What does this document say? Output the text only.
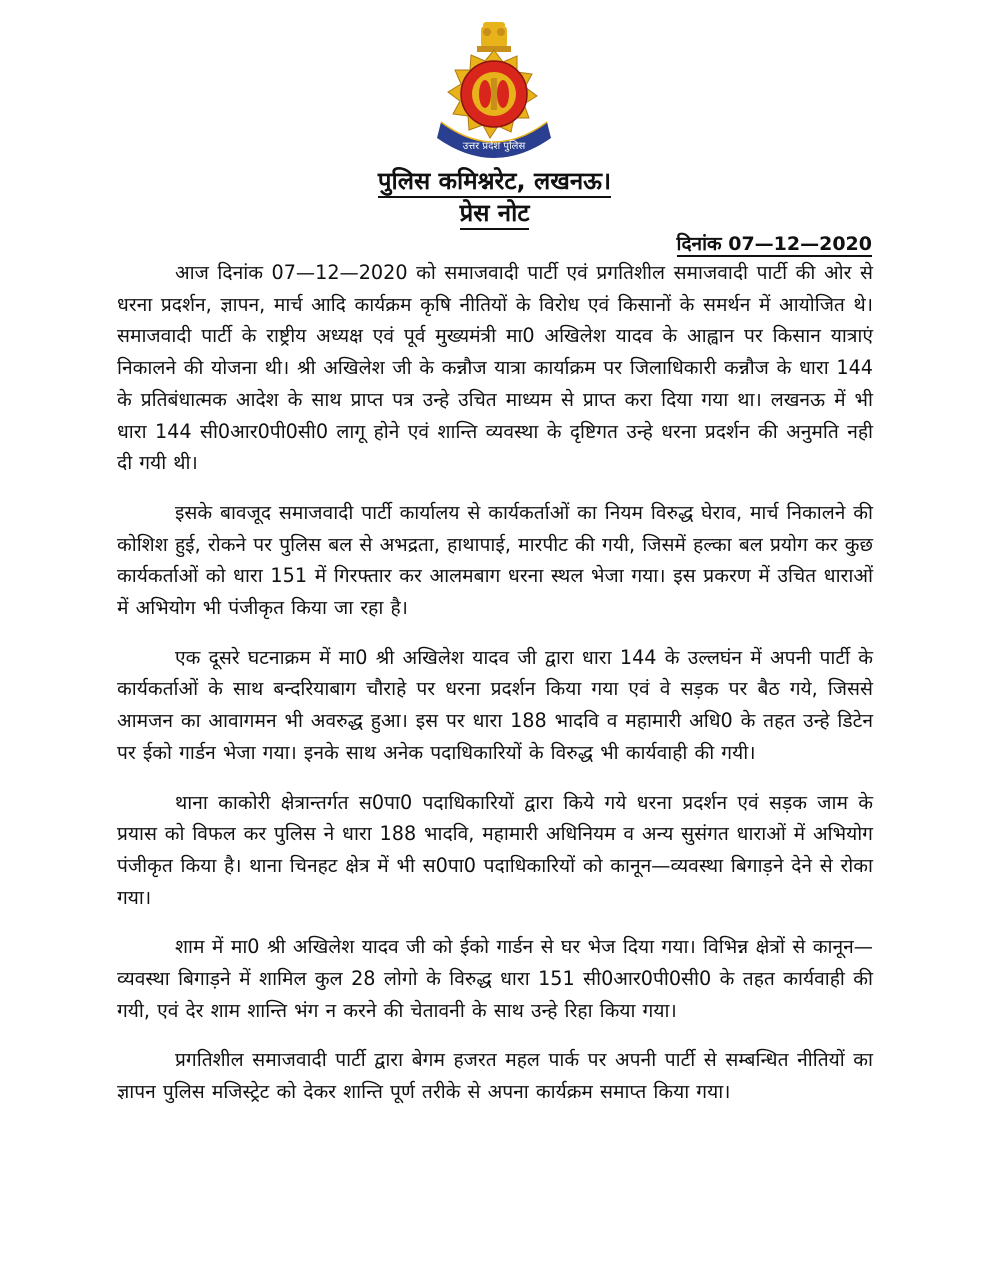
उत्तर प्रदेश पुलिस
पुलिस कमिश्नरेट, लखनऊ।
प्रेस नोट
दिनांक 07—12—2020

आज दिनांक 07—12—2020 को समाजवादी पार्टी एवं प्रगतिशील समाजवादी पार्टी की ओर से धरना प्रदर्शन, ज्ञापन, मार्च आदि कार्यक्रम कृषि नीतियों के विरोध एवं किसानों के समर्थन में आयोजित थे। समाजवादी पार्टी के राष्ट्रीय अध्यक्ष एवं पूर्व मुख्यमंत्री मा0 अखिलेश यादव के आह्वान पर किसान यात्राएं निकालने की योजना थी। श्री अखिलेश जी के कन्नौज यात्रा कार्याक्रम पर जिलाधिकारी कन्नौज के धारा 144 के प्रतिबंधात्मक आदेश के साथ प्राप्त पत्र उन्हे उचित माध्यम से प्राप्त करा दिया गया था। लखनऊ में भी धारा 144 सी0आर0पी0सी0 लागू होने एवं शान्ति व्यवस्था के दृष्टिगत उन्हे धरना प्रदर्शन की अनुमति नही दी गयी थी।

इसके बावजूद समाजवादी पार्टी कार्यालय से कार्यकर्ताओं का नियम विरुद्ध घेराव, मार्च निकालने की कोशिश हुई, रोकने पर पुलिस बल से अभद्रता, हाथापाई, मारपीट की गयी, जिसमें हल्का बल प्रयोग कर कुछ कार्यकर्ताओं को धारा 151 में गिरफ्तार कर आलमबाग धरना स्थल भेजा गया। इस प्रकरण में उचित धाराओं में अभियोग भी पंजीकृत किया जा रहा है।

एक दूसरे घटनाक्रम में मा0 श्री अखिलेश यादव जी द्वारा धारा 144 के उल्लघंन में अपनी पार्टी के कार्यकर्ताओं के साथ बन्दरियाबाग चौराहे पर धरना प्रदर्शन किया गया एवं वे सड़क पर बैठ गये, जिससे आमजन का आवागमन भी अवरुद्ध हुआ। इस पर धारा 188 भादवि व महामारी अधि0 के तहत उन्हे डिटेन पर ईको गार्डन भेजा गया। इनके साथ अनेक पदाधिकारियों के विरुद्ध भी कार्यवाही की गयी।

थाना काकोरी क्षेत्रान्तर्गत स0पा0 पदाधिकारियों द्वारा किये गये धरना प्रदर्शन एवं सड़क जाम के प्रयास को विफल कर पुलिस ने धारा 188 भादवि, महामारी अधिनियम व अन्य सुसंगत धाराओं में अभियोग पंजीकृत किया है। थाना चिनहट क्षेत्र में भी स0पा0 पदाधिकारियों को कानून—व्यवस्था बिगाड़ने देने से रोका गया।

शाम में मा0 श्री अखिलेश यादव जी को ईको गार्डन से घर भेज दिया गया। विभिन्न क्षेत्रों से कानून—व्यवस्था बिगाड़ने में शामिल कुल 28 लोगो के विरुद्ध धारा 151 सी0आर0पी0सी0 के तहत कार्यवाही की गयी, एवं देर शाम शान्ति भंग न करने की चेतावनी के साथ उन्हे रिहा किया गया।

प्रगतिशील समाजवादी पार्टी द्वारा बेगम हजरत महल पार्क पर अपनी पार्टी से सम्बन्धित नीतियों का ज्ञापन पुलिस मजिस्ट्रेट को देकर शान्ति पूर्ण तरीके से अपना कार्यक्रम समाप्त किया गया।
